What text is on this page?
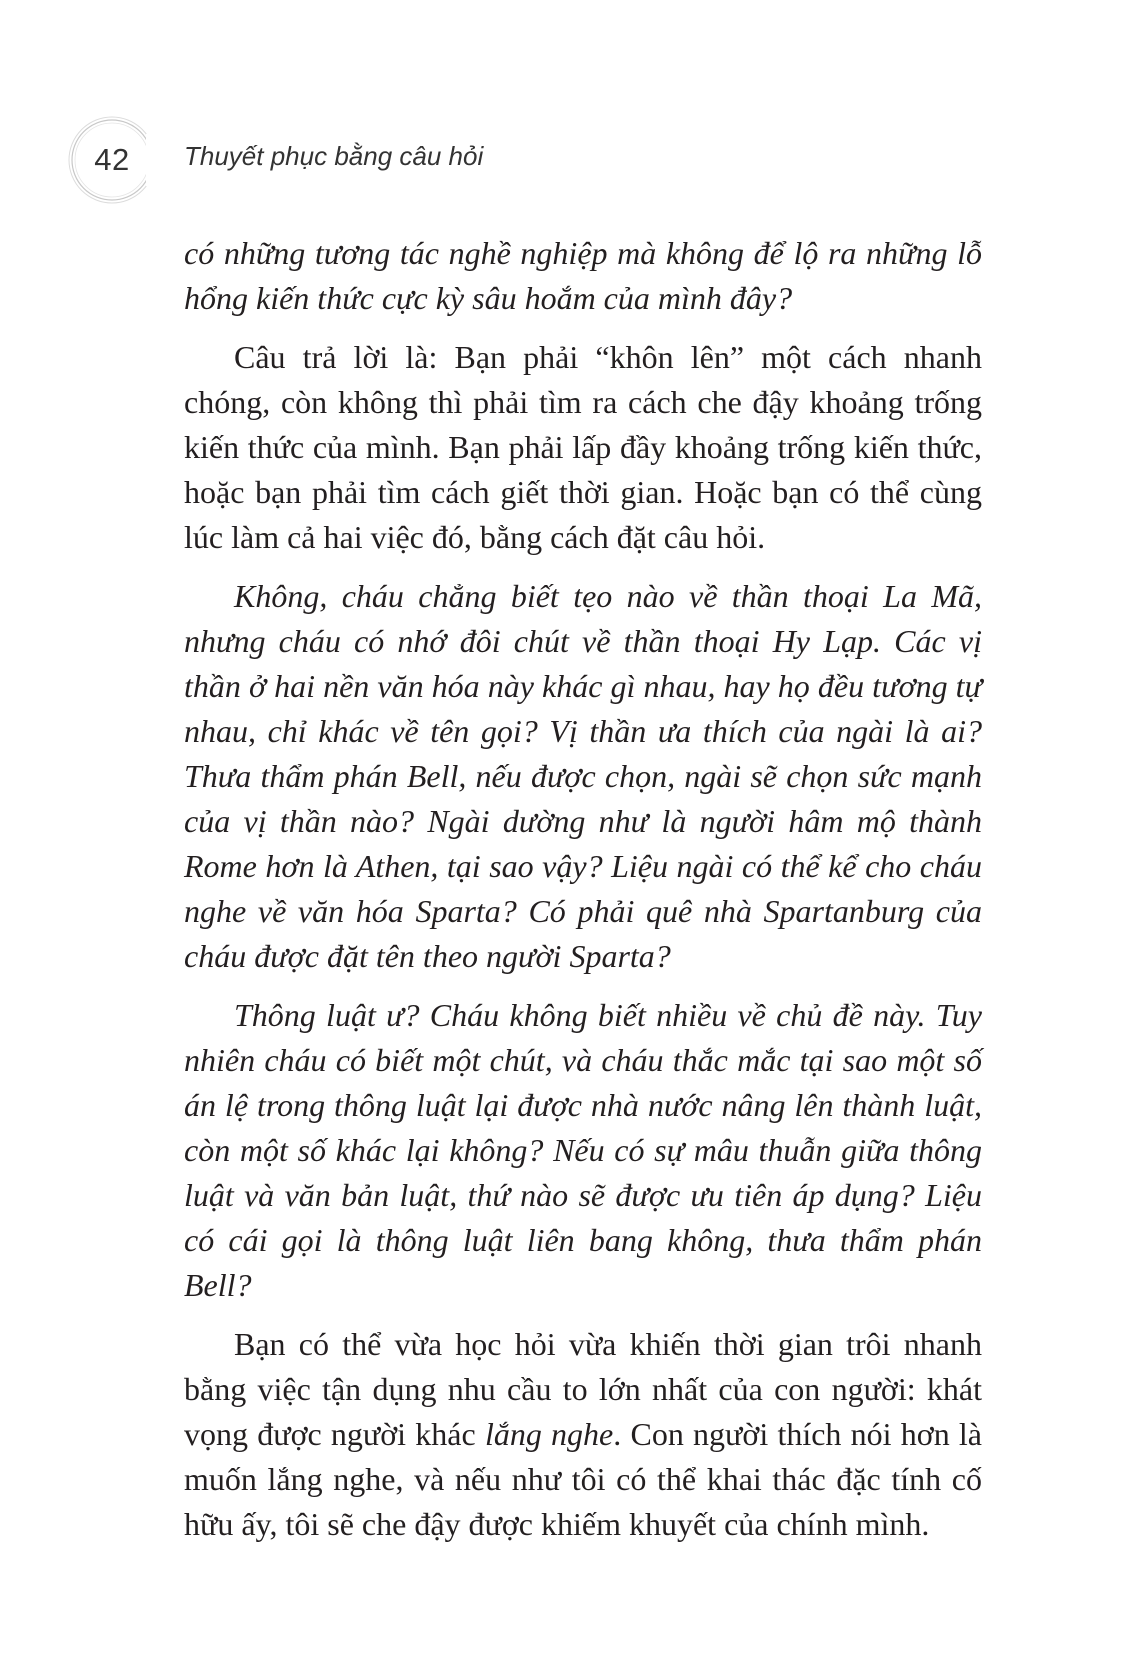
42	Thuyết phục bằng câu hỏi

có những tương tác nghề nghiệp mà không để lộ ra những lỗ hổng kiến thức cực kỳ sâu hoắm của mình đây?

Câu trả lời là: Bạn phải “khôn lên” một cách nhanh chóng, còn không thì phải tìm ra cách che đậy khoảng trống kiến thức của mình. Bạn phải lấp đầy khoảng trống kiến thức, hoặc bạn phải tìm cách giết thời gian. Hoặc bạn có thể cùng lúc làm cả hai việc đó, bằng cách đặt câu hỏi.

Không, cháu chẳng biết tẹo nào về thần thoại La Mã, nhưng cháu có nhớ đôi chút về thần thoại Hy Lạp. Các vị thần ở hai nền văn hóa này khác gì nhau, hay họ đều tương tự nhau, chỉ khác về tên gọi? Vị thần ưa thích của ngài là ai? Thưa thẩm phán Bell, nếu được chọn, ngài sẽ chọn sức mạnh của vị thần nào? Ngài dường như là người hâm mộ thành Rome hơn là Athen, tại sao vậy? Liệu ngài có thể kể cho cháu nghe về văn hóa Sparta? Có phải quê nhà Spartanburg của cháu được đặt tên theo người Sparta?

Thông luật ư? Cháu không biết nhiều về chủ đề này. Tuy nhiên cháu có biết một chút, và cháu thắc mắc tại sao một số án lệ trong thông luật lại được nhà nước nâng lên thành luật, còn một số khác lại không? Nếu có sự mâu thuẫn giữa thông luật và văn bản luật, thứ nào sẽ được ưu tiên áp dụng? Liệu có cái gọi là thông luật liên bang không, thưa thẩm phán Bell?

Bạn có thể vừa học hỏi vừa khiến thời gian trôi nhanh bằng việc tận dụng nhu cầu to lớn nhất của con người: khát vọng được người khác lắng nghe. Con người thích nói hơn là muốn lắng nghe, và nếu như tôi có thể khai thác đặc tính cố hữu ấy, tôi sẽ che đậy được khiếm khuyết của chính mình.
